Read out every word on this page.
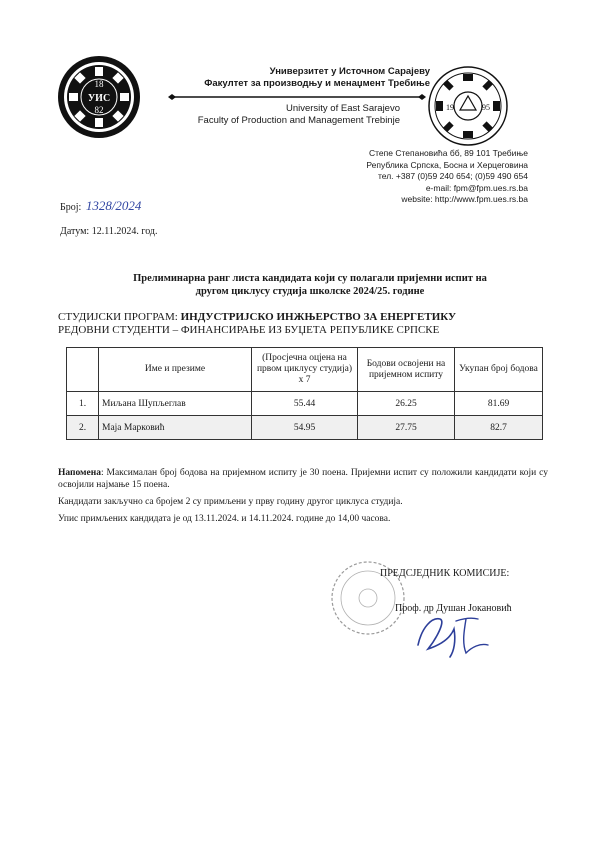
18
УИС
82
Универзитет у Источном Сарајеву
Факултет за производњу и менаџмент Требиње
University of East Sarajevo
Faculty of Production and Management Trebinje
19	95
Степе Степановића бб, 89 101 Требиње
Република Српска, Босна и Херцеговина
тел. +387 (0)59 240 654; (0)59 490 654
e-mail: fpm@fpm.ues.rs.ba
website: http://www.fpm.ues.rs.ba
Број: 1328/2024
Датум: 12.11.2024. год.
Прелиминарна ранг листа кандидата који су полагали пријемни испит на
другом циклусу студија школске 2024/25. године
СТУДИЈСКИ ПРОГРАМ: ИНДУСТРИЈСКО ИНЖЊЕРСТВО ЗА ЕНЕРГЕТИКУ
РЕДОВНИ СТУДЕНТИ – ФИНАНСИРАЊЕ ИЗ БУЏЕТА РЕПУБЛИКЕ СРПСКЕ
	Име и презиме	(Просјечна оцјена на првом циклусу студија) х 7	Бодови освојени на пријемном испиту	Укупан број бодова
1.	Миљана Шупљеглав	55.44	26.25	81.69
2.	Маја Марковић	54.95	27.75	82.7

Напомена: Максималан број бодова на пријемном испиту је 30 поена. Пријемни испит су положили кандидати који су освојили најмање 15 поена.

Кандидати закључно са бројем 2 су примљени у прву годину другог циклуса студија.

Упис примљених кандидата је од 13.11.2024. и 14.11.2024. године до 14,00 часова.

ПРЕДСЈЕДНИК КОМИСИЈЕ:
Проф. др Душан Јокановић
